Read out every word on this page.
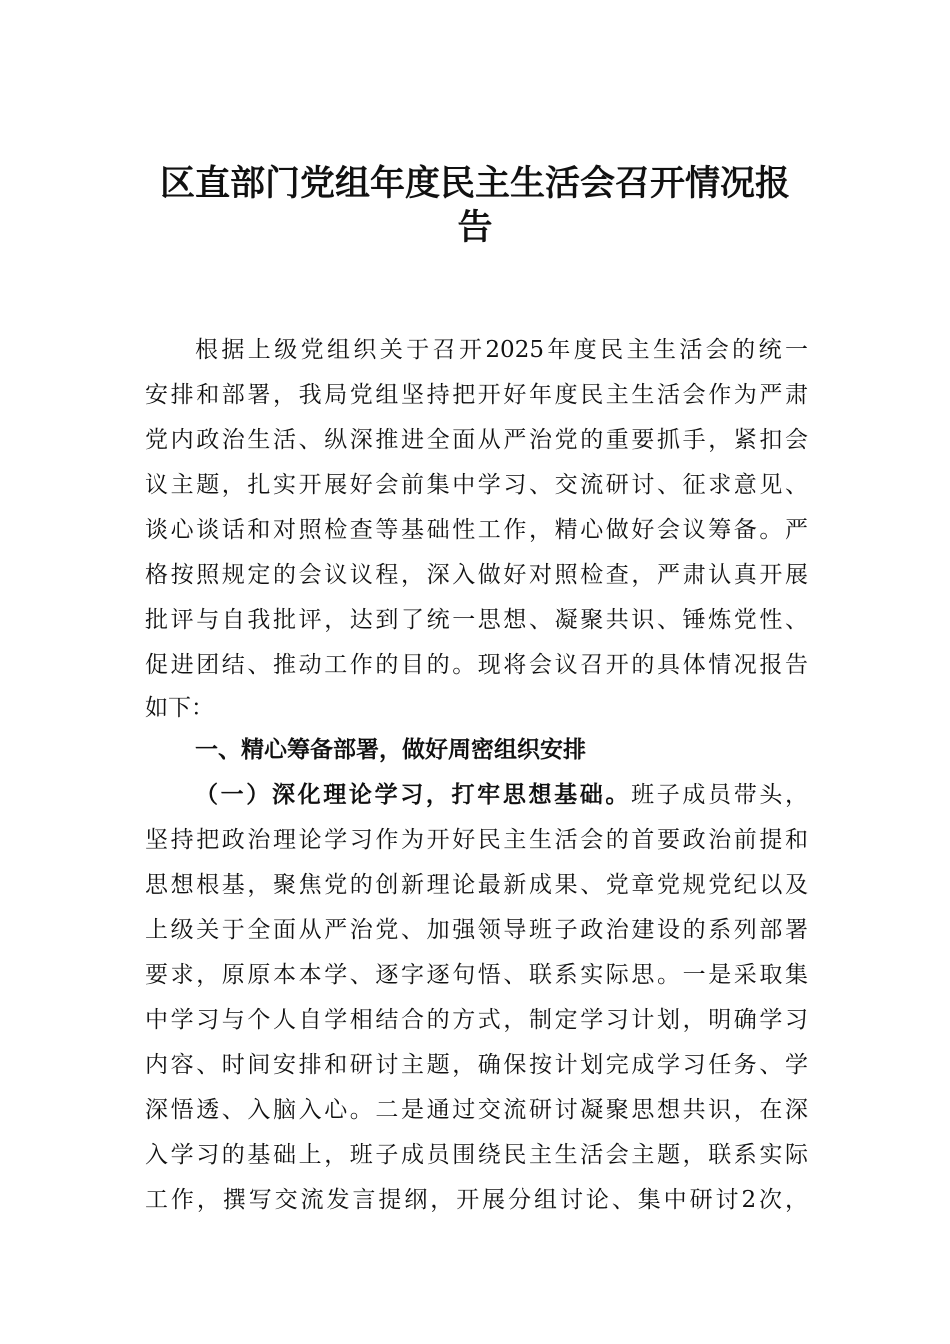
区直部门党组年度民主生活会召开情况报
告
根据上级党组织关于召开2025年度民主生活会的统一
安排和部署，我局党组坚持把开好年度民主生活会作为严肃
党内政治生活、纵深推进全面从严治党的重要抓手，紧扣会
议主题，扎实开展好会前集中学习、交流研讨、征求意见、
谈心谈话和对照检查等基础性工作，精心做好会议筹备。严
格按照规定的会议议程，深入做好对照检查，严肃认真开展
批评与自我批评，达到了统一思想、凝聚共识、锤炼党性、
促进团结、推动工作的目的。现将会议召开的具体情况报告
如下：
一、精心筹备部署，做好周密组织安排
（一）深化理论学习，打牢思想基础。班子成员带头，
坚持把政治理论学习作为开好民主生活会的首要政治前提和
思想根基，聚焦党的创新理论最新成果、党章党规党纪以及
上级关于全面从严治党、加强领导班子政治建设的系列部署
要求，原原本本学、逐字逐句悟、联系实际思。一是采取集
中学习与个人自学相结合的方式，制定学习计划，明确学习
内容、时间安排和研讨主题，确保按计划完成学习任务、学
深悟透、入脑入心。二是通过交流研讨凝聚思想共识，在深
入学习的基础上，班子成员围绕民主生活会主题，联系实际
工作，撰写交流发言提纲，开展分组讨论、集中研讨2次，
